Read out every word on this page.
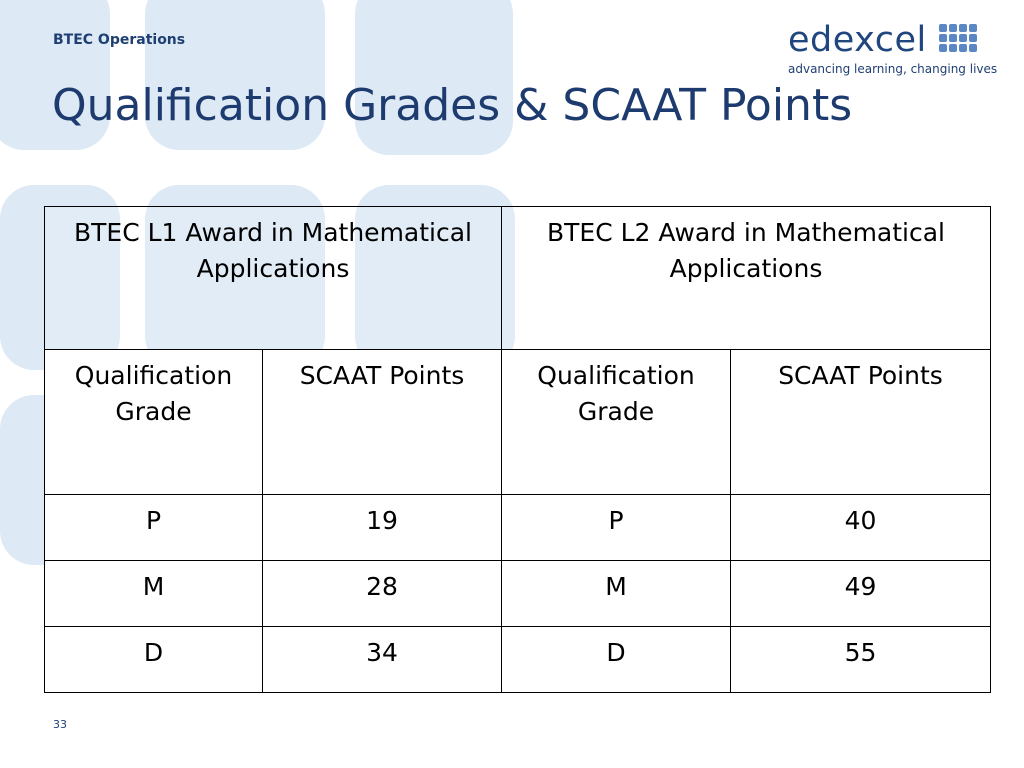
BTEC Operations
Qualification Grades & SCAAT Points
edexcel
advancing learning, changing lives
BTEC L1 Award in Mathematical Applications		BTEC L2 Award in Mathematical Applications	
Qualification Grade	SCAAT Points	Qualification Grade	SCAAT Points
P	19	P	40
M	28	M	49
D	34	D	55
33
